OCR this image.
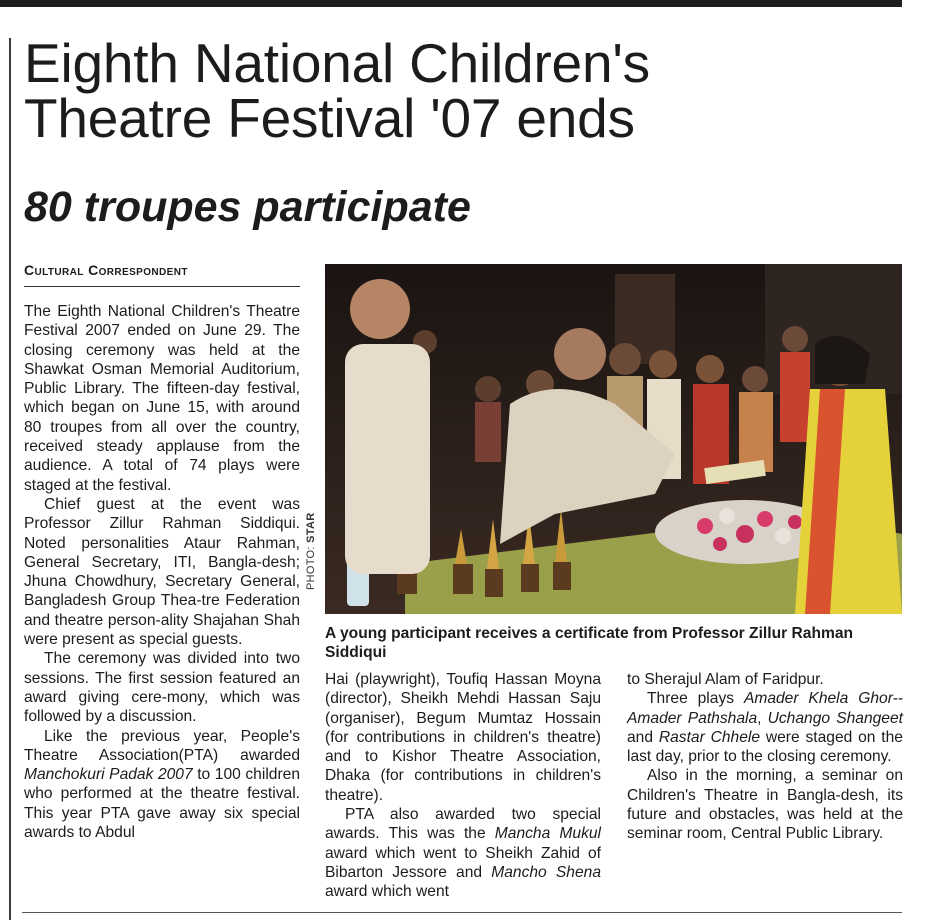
Eighth National Children's
Theatre Festival '07 ends
80 troupes participate
Cultural Correspondent

The Eighth National Children's Theatre Festival 2007 ended on June 29. The closing ceremony was held at the Shawkat Osman Memorial Auditorium, Public Library. The fifteen-day festival, which began on June 15, with around 80 troupes from all over the country, received steady applause from the audience. A total of 74 plays were staged at the festival.

Chief guest at the event was Professor Zillur Rahman Siddiqui. Noted personalities Ataur Rahman, General Secretary, ITI, Bangla-desh; Jhuna Chowdhury, Secretary General, Bangladesh Group Thea-tre Federation and theatre person-ality Shajahan Shah were present as special guests.

The ceremony was divided into two sessions. The first session featured an award giving cere-mony, which was followed by a discussion.

Like the previous year, People's Theatre Association(PTA) awarded Manchokuri Padak 2007 to 100 children who performed at the theatre festival. This year PTA gave away six special awards to Abdul

PHOTO: STAR
A young participant receives a certificate from Professor Zillur Rahman Siddiqui

Hai (playwright), Toufiq Hassan Moyna (director), Sheikh Mehdi Hassan Saju (organiser), Begum Mumtaz Hossain (for contributions in children's theatre) and to Kishor Theatre Association, Dhaka (for contributions in children's theatre).

PTA also awarded two special awards. This was the Mancha Mukul award which went to Sheikh Zahid of Bibarton Jessore and Mancho Shena award which went

to Sherajul Alam of Faridpur.

Three plays Amader Khela Ghor--Amader Pathshala, Uchango Shangeet and Rastar Chhele were staged on the last day, prior to the closing ceremony.

Also in the morning, a seminar on Children's Theatre in Bangla-desh, its future and obstacles, was held at the seminar room, Central Public Library.
